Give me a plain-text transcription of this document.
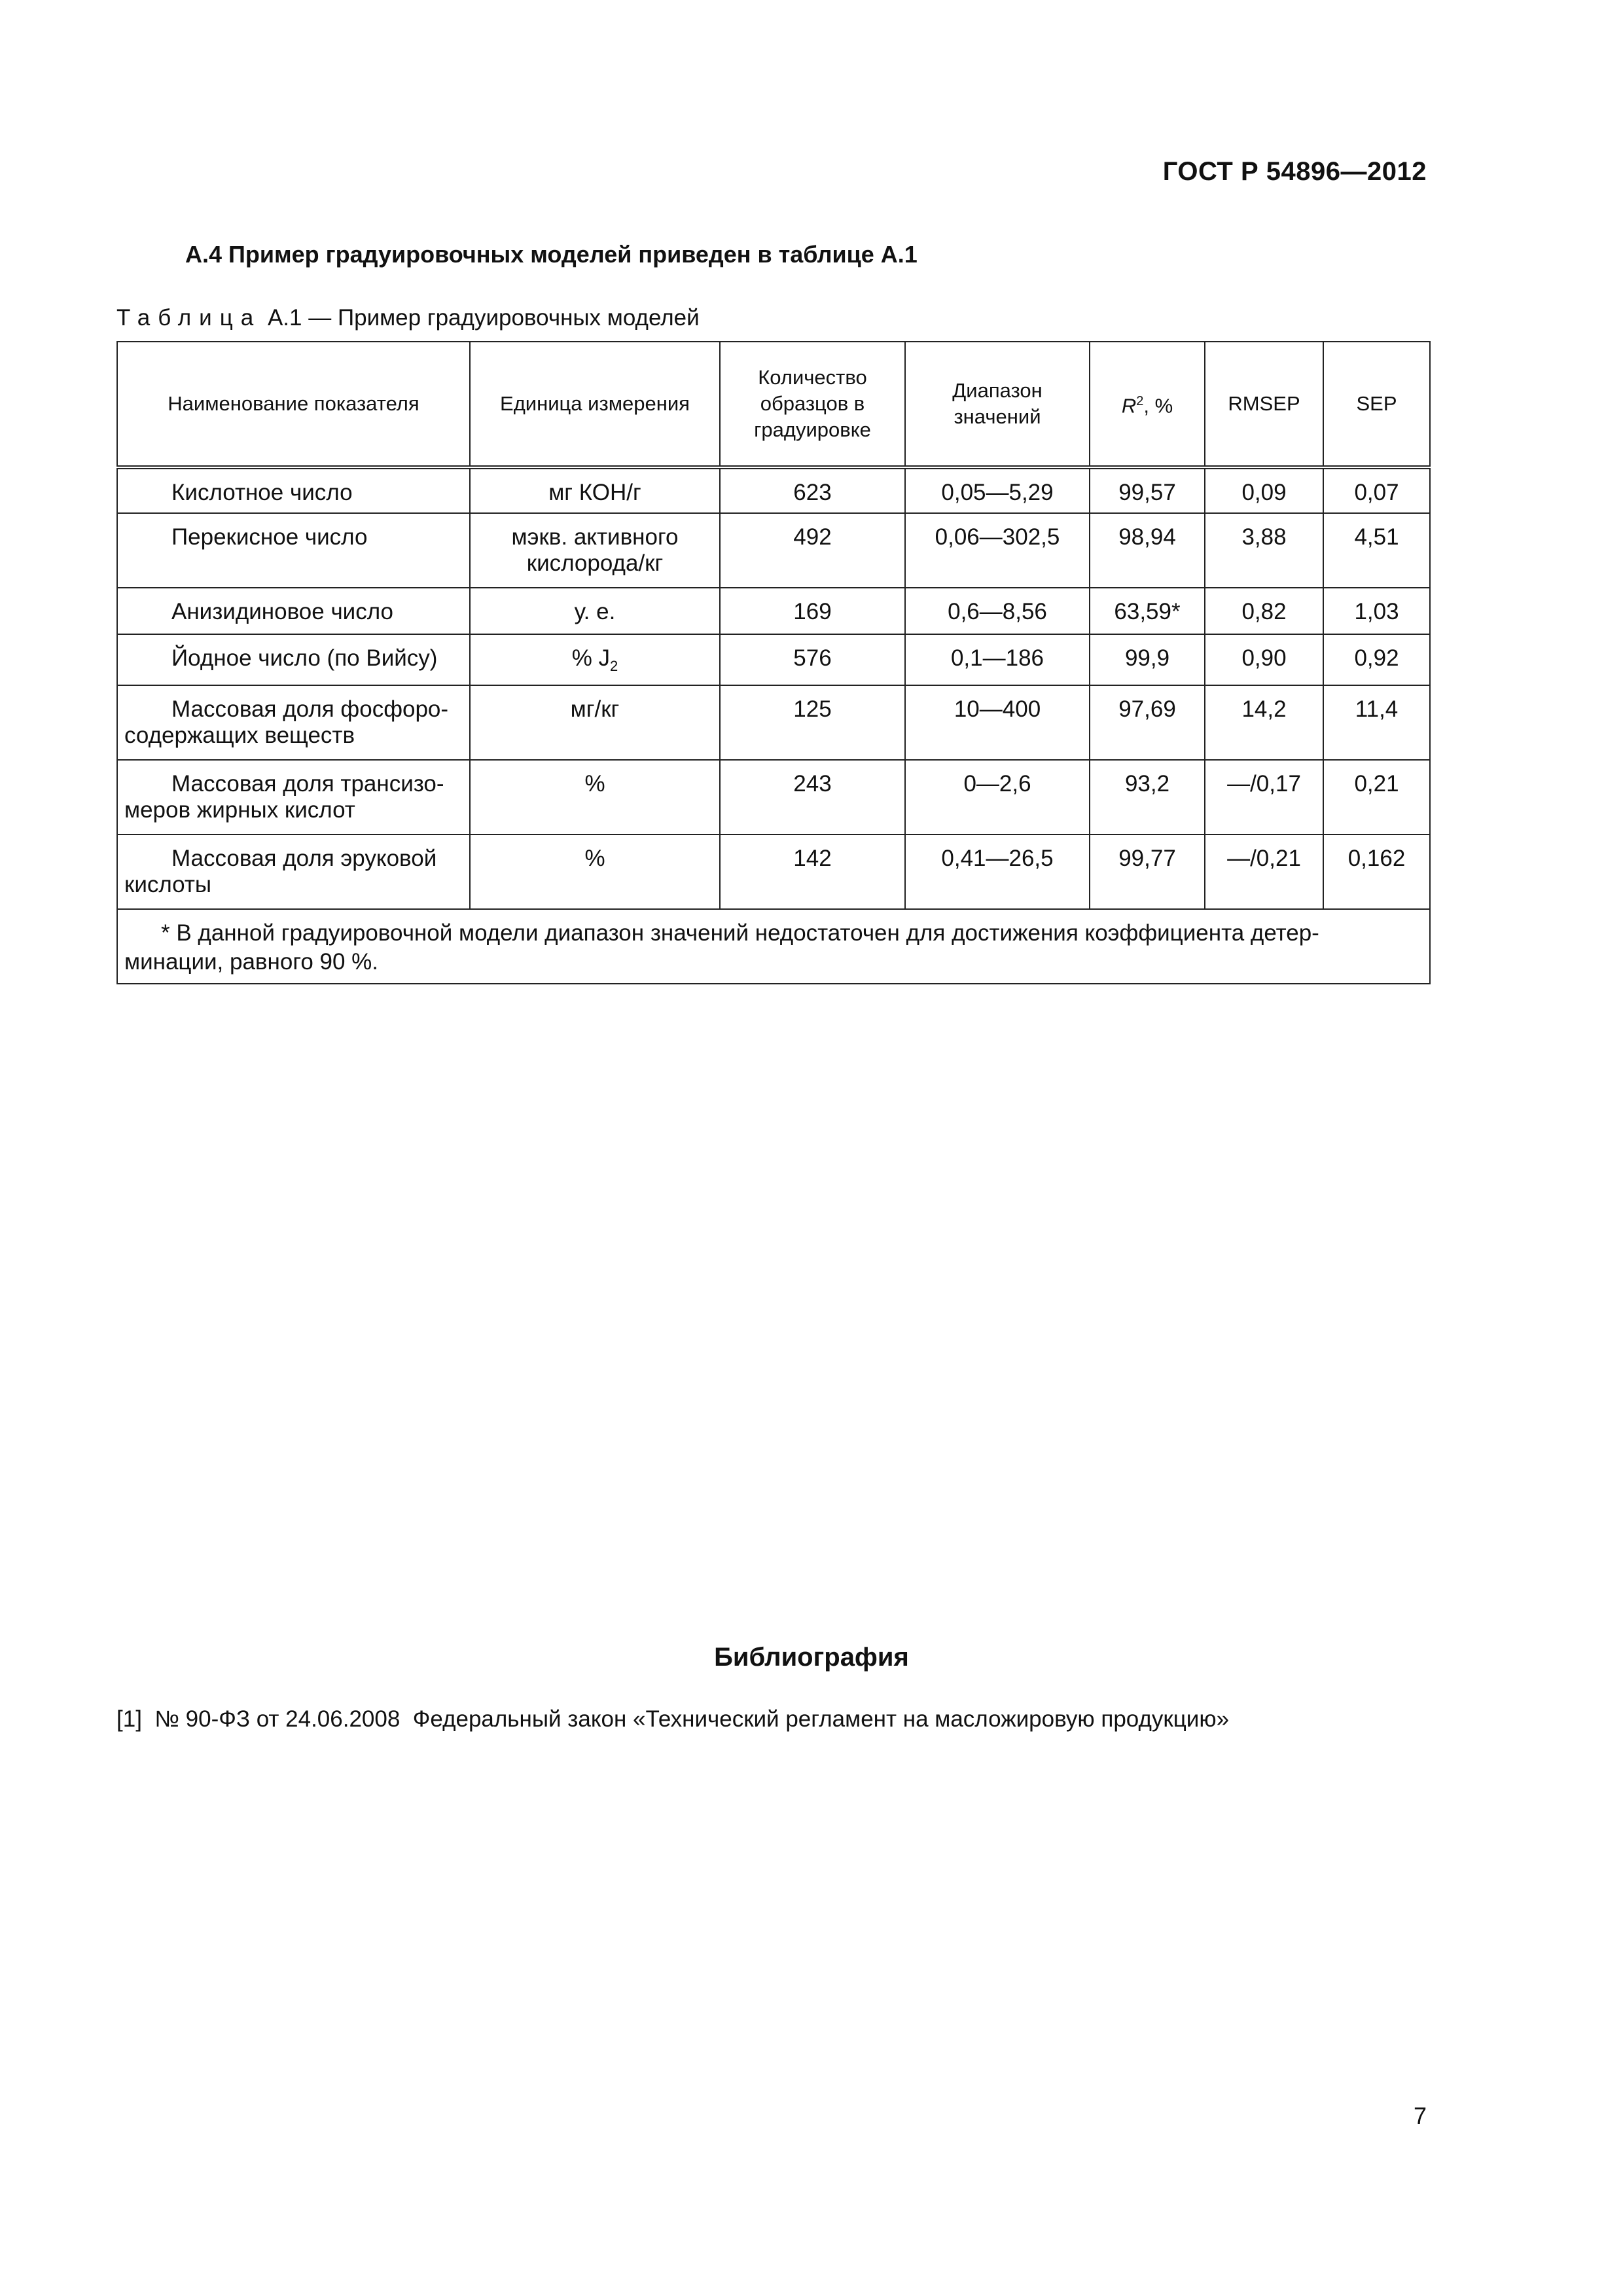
ГОСТ Р 54896—2012
А.4 Пример градуировочных моделей приведен в таблице А.1
Таблица А.1 — Пример градуировочных моделей
Наименование показателя	Единица измерения	Количество образцов в градуировке	Диапазон значений	$R^2$, %	RMSEP	SEP
Кислотное число	мг КОН/г	623	0,05—5,29	99,57	0,09	0,07
Перекисное число	мэкв. активного кислорода/кг	492	0,06—302,5	98,94	3,88	4,51
Анизидиновое число	у. е.	169	0,6—8,56	63,59*	0,82	1,03
Йодное число (по Вийсу)	% $J_2$	576	0,1—186	99,9	0,90	0,92
Массовая доля фосфоро-
содержащих веществ	мг/кг	125	10—400	97,69	14,2	11,4
Массовая доля трансизо-
меров жирных кислот	%	243	0—2,6	93,2	—/0,17	0,21
Массовая доля эруковой
кислоты	%	142	0,41—26,5	99,77	—/0,21	0,162
* В данной градуировочной модели диапазон значений недостаточен для достижения коэффициента детер-
минации, равного 90 %.						
Библиография
[1]  № 90-ФЗ от 24.06.2008  Федеральный закон «Технический регламент на масложировую продукцию»
7
